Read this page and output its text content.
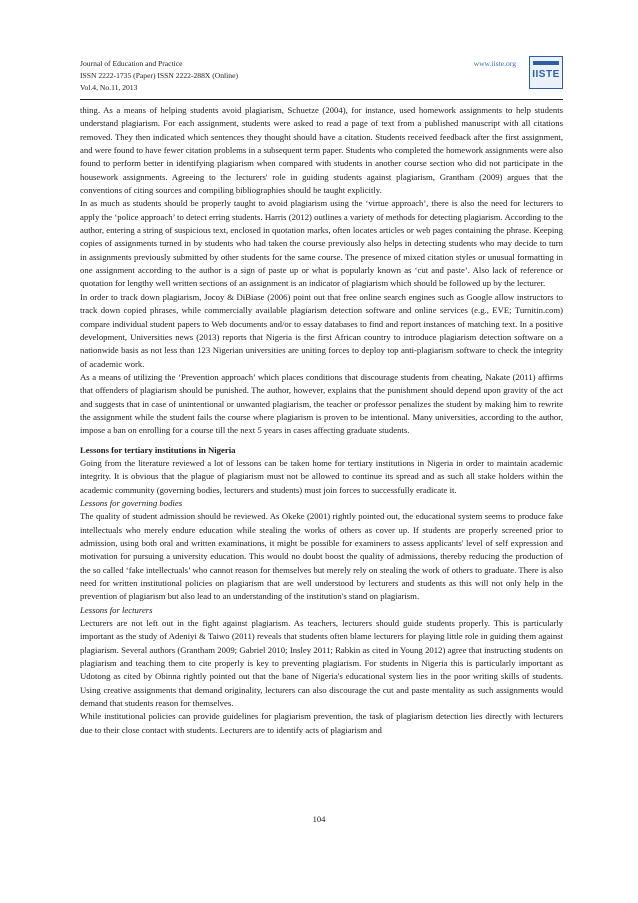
Journal of Education and Practice
ISSN 2222-1735 (Paper) ISSN 2222-288X (Online)
Vol.4, No.11, 2013
www.iiste.org
IISTE

thing. As a means of helping students avoid plagiarism, Schuetze (2004), for instance, used homework assignments to help students understand plagiarism. For each assignment, students were asked to read a page of text from a published manuscript with all citations removed. They then indicated which sentences they thought should have a citation. Students received feedback after the first assignment, and were found to have fewer citation problems in a subsequent term paper. Students who completed the homework assignments were also found to perform better in identifying plagiarism when compared with students in another course section who did not participate in the housework assignments. Agreeing to the lecturers' role in guiding students against plagiarism, Grantham (2009) argues that the conventions of citing sources and compiling bibliographies should be taught explicitly.

In as much as students should be properly taught to avoid plagiarism using the ‘virtue approach’, there is also the need for lecturers to apply the ‘police approach’ to detect erring students. Harris (2012) outlines a variety of methods for detecting plagiarism. According to the author, entering a string of suspicious text, enclosed in quotation marks, often locates articles or web pages containing the phrase. Keeping copies of assignments turned in by students who had taken the course previously also helps in detecting students who may decide to turn in assignments previously submitted by other students for the same course. The presence of mixed citation styles or unusual formatting in one assignment according to the author is a sign of paste up or what is popularly known as ‘cut and paste’. Also lack of reference or quotation for lengthy well written sections of an assignment is an indicator of plagiarism which should be followed up by the lecturer.

In order to track down plagiarism, Jocoy & DiBiase (2006) point out that free online search engines such as Google allow instructors to track down copied phrases, while commercially available plagiarism detection software and online services (e.g., EVE; Turnitin.com) compare individual student papers to Web documents and/or to essay databases to find and report instances of matching text. In a positive development, Universities news (2013) reports that Nigeria is the first African country to introduce plagiarism detection software on a nationwide basis as not less than 123 Nigerian universities are uniting forces to deploy top anti-plagiarism software to check the integrity of academic work.

As a means of utilizing the ‘Prevention approach’ which places conditions that discourage students from cheating, Nakate (2011) affirms that offenders of plagiarism should be punished. The author, however, explains that the punishment should depend upon gravity of the act and suggests that in case of unintentional or unwanted plagiarism, the teacher or professor penalizes the student by making him to rewrite the assignment while the student fails the course where plagiarism is proven to be intentional. Many universities, according to the author, impose a ban on enrolling for a course till the next 5 years in cases affecting graduate students.

Lessons for tertiary institutions in Nigeria

Going from the literature reviewed a lot of lessons can be taken home for tertiary institutions in Nigeria in order to maintain academic integrity. It is obvious that the plague of plagiarism must not be allowed to continue its spread and as such all stake holders within the academic community (governing bodies, lecturers and students) must join forces to successfully eradicate it.

Lessons for governing bodies

The quality of student admission should be reviewed. As Okeke (2001) rightly pointed out, the educational system seems to produce fake intellectuals who merely endure education while stealing the works of others as cover up. If students are properly screened prior to admission, using both oral and written examinations, it might be possible for examiners to assess applicants' level of self expression and motivation for pursuing a university education. This would no doubt boost the quality of admissions, thereby reducing the production of the so called ‘fake intellectuals’ who cannot reason for themselves but merely rely on stealing the work of others to graduate. There is also need for written institutional policies on plagiarism that are well understood by lecturers and students as this will not only help in the prevention of plagiarism but also lead to an understanding of the institution's stand on plagiarism.

Lessons for lecturers

Lecturers are not left out in the fight against plagiarism. As teachers, lecturers should guide students properly. This is particularly important as the study of Adeniyi & Taiwo (2011) reveals that students often blame lecturers for playing little role in guiding them against plagiarism. Several authors (Grantham 2009; Gabriel 2010; Insley 2011; Rabkin as cited in Young 2012) agree that instructing students on plagiarism and teaching them to cite properly is key to preventing plagiarism. For students in Nigeria this is particularly important as Udotong as cited by Obinna rightly pointed out that the bane of Nigeria's educational system lies in the poor writing skills of students. Using creative assignments that demand originality, lecturers can also discourage the cut and paste mentality as such assignments would demand that students reason for themselves.

While institutional policies can provide guidelines for plagiarism prevention, the task of plagiarism detection lies directly with lecturers due to their close contact with students. Lecturers are to identify acts of plagiarism and

104
